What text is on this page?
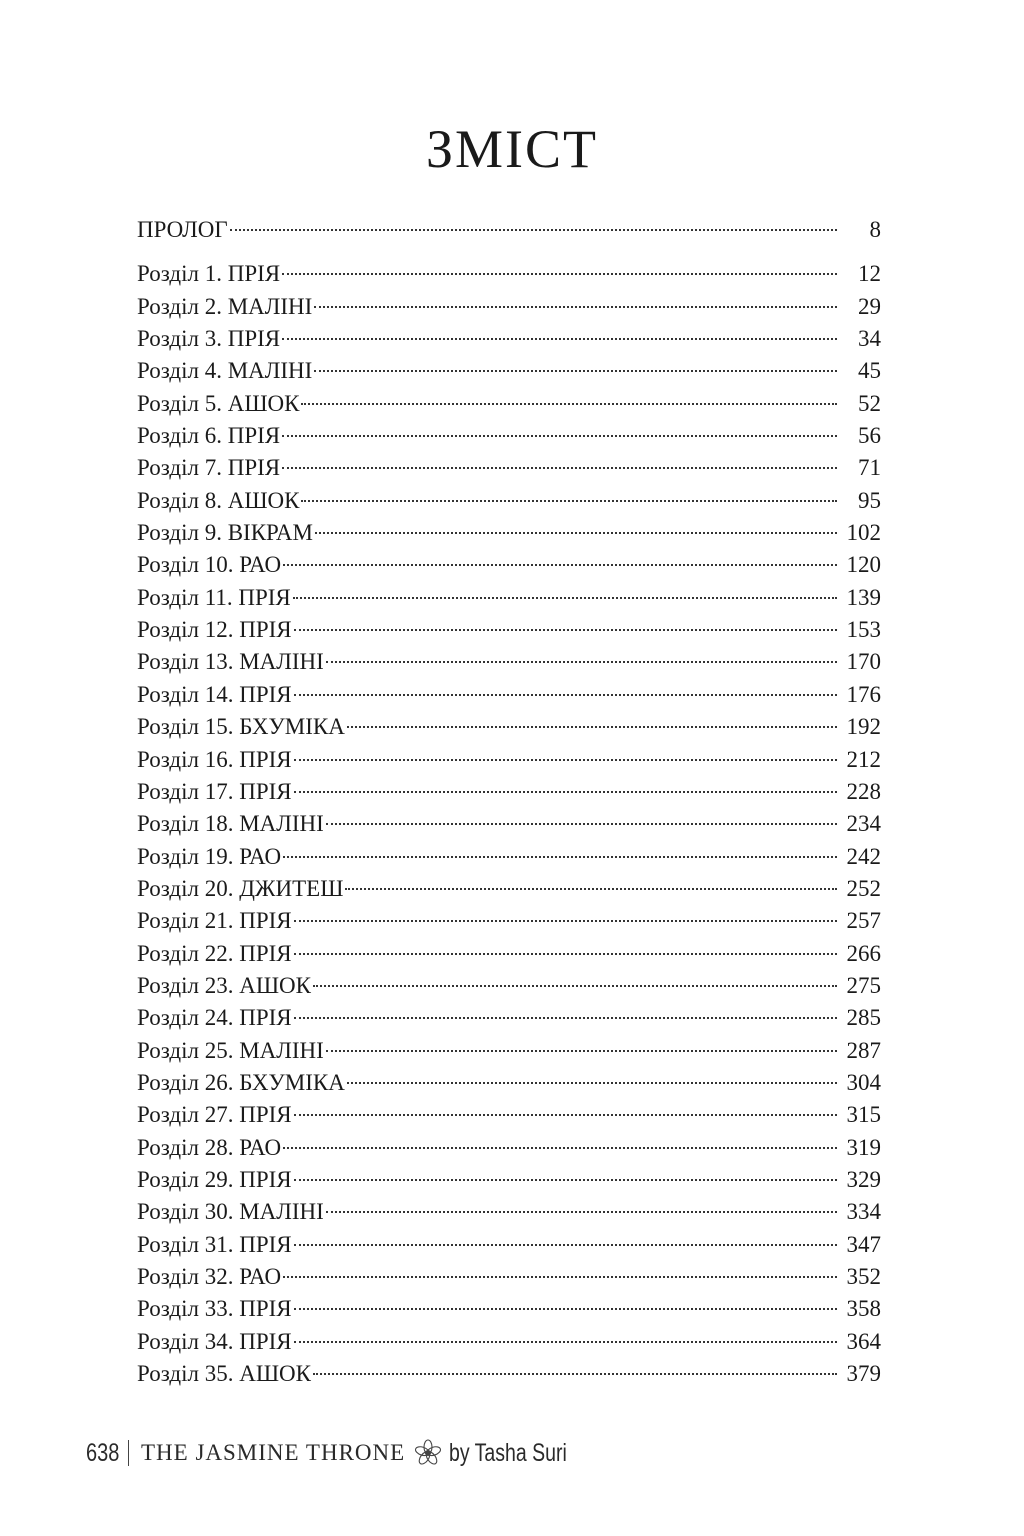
ЗМІСТ
ПРОЛОГ	8
Розділ 1. ПРІЯ	12
Розділ 2. МАЛІНІ	29
Розділ 3. ПРІЯ	34
Розділ 4. МАЛІНІ	45
Розділ 5. АШОК	52
Розділ 6. ПРІЯ	56
Розділ 7. ПРІЯ	71
Розділ 8. АШОК	95
Розділ 9. ВІКРАМ	102
Розділ 10. РАО	120
Розділ 11. ПРІЯ	139
Розділ 12. ПРІЯ	153
Розділ 13. МАЛІНІ	170
Розділ 14. ПРІЯ	176
Розділ 15. БХУМІКА	192
Розділ 16. ПРІЯ	212
Розділ 17. ПРІЯ	228
Розділ 18. МАЛІНІ	234
Розділ 19. РАО	242
Розділ 20. ДЖИТЕШ	252
Розділ 21. ПРІЯ	257
Розділ 22. ПРІЯ	266
Розділ 23. АШОК	275
Розділ 24. ПРІЯ	285
Розділ 25. МАЛІНІ	287
Розділ 26. БХУМІКА	304
Розділ 27. ПРІЯ	315
Розділ 28. РАО	319
Розділ 29. ПРІЯ	329
Розділ 30. МАЛІНІ	334
Розділ 31. ПРІЯ	347
Розділ 32. РАО	352
Розділ 33. ПРІЯ	358
Розділ 34. ПРІЯ	364
Розділ 35. АШОК	379
638 THE JASMINE THRONE by Tasha Suri
